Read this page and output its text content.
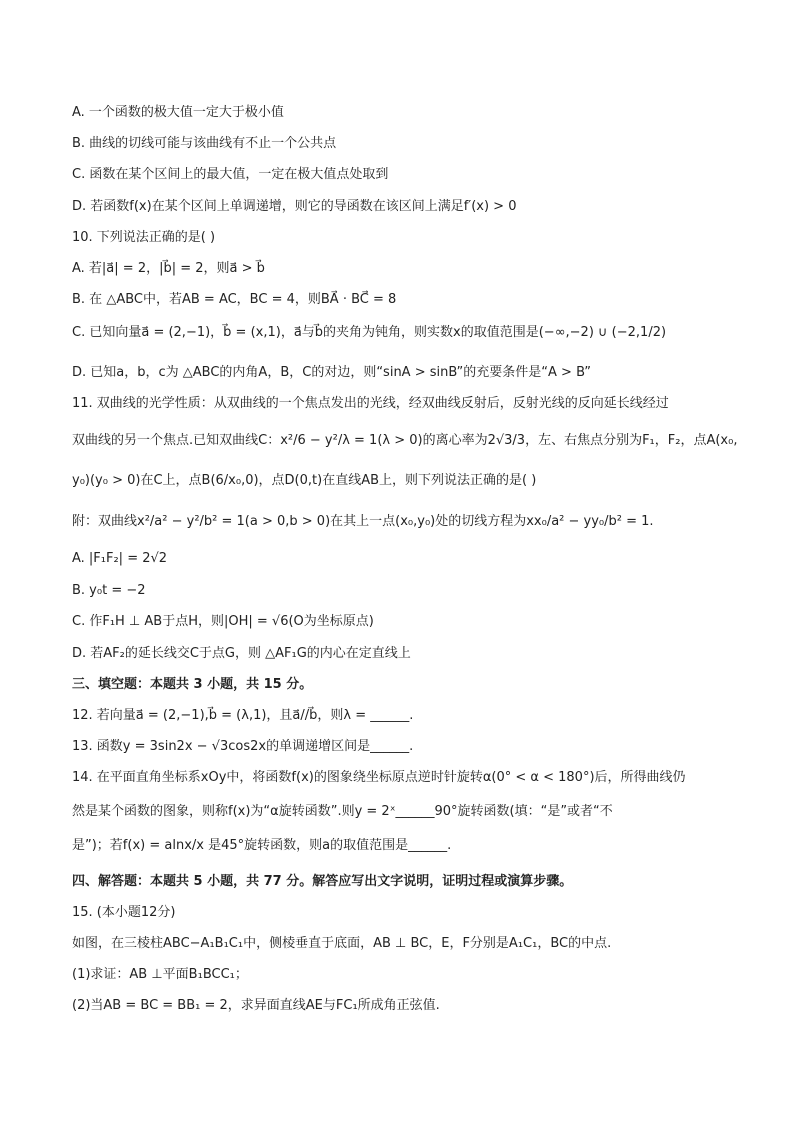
A. 一个函数的极大值一定大于极小值
B. 曲线的切线可能与该曲线有不止一个公共点
C. 函数在某个区间上的最大值，一定在极大值点处取到
D. 若函数f(x)在某个区间上单调递增，则它的导函数在该区间上满足f′(x) > 0
10. 下列说法正确的是( )
A. 若|a⃗| = 2，|b⃗| = 2，则a⃗ > b⃗
B. 在 △ABC中，若AB = AC，BC = 4，则BA⃗ · BC⃗ = 8
C. 已知向量a⃗ = (2,−1)，b⃗ = (x,1)，a⃗与b⃗的夹角为钝角，则实数x的取值范围是(−∞,−2) ∪ (−2,1/2)
D. 已知a，b，c为 △ABC的内角A，B，C的对边，则“sinA > sinB”的充要条件是“A > B”
11. 双曲线的光学性质：从双曲线的一个焦点发出的光线，经双曲线反射后，反射光线的反向延长线经过
双曲线的另一个焦点.已知双曲线C：x²/6 − y²/λ = 1(λ > 0)的离心率为2√3/3，左、右焦点分别为F₁，F₂，点A(x₀,
y₀)(y₀ > 0)在C上，点B(6/x₀,0)，点D(0,t)在直线AB上，则下列说法正确的是( )
附：双曲线x²/a² − y²/b² = 1(a > 0,b > 0)在其上一点(x₀,y₀)处的切线方程为xx₀/a² − yy₀/b² = 1.
A. |F₁F₂| = 2√2
B. y₀t = −2
C. 作F₁H ⊥ AB于点H，则|OH| = √6(O为坐标原点)
D. 若AF₂的延长线交C于点G，则 △AF₁G的内心在定直线上
三、填空题：本题共 3 小题，共 15 分。
12. 若向量a⃗ = (2,−1),b⃗ = (λ,1)，且a⃗//b⃗，则λ = ______.
13. 函数y = 3sin2x − √3cos2x的单调递增区间是______.
14. 在平面直角坐标系xOy中，将函数f(x)的图象绕坐标原点逆时针旋转α(0° < α < 180°)后，所得曲线仍
然是某个函数的图象，则称f(x)为“α旋转函数”.则y = 2ˣ______90°旋转函数(填：“是”或者“不
是”)；若f(x) = alnx/x 是45°旋转函数，则a的取值范围是______.
四、解答题：本题共 5 小题，共 77 分。解答应写出文字说明，证明过程或演算步骤。
15. (本小题12分)
如图，在三棱柱ABC−A₁B₁C₁中，侧棱垂直于底面，AB ⊥ BC，E，F分别是A₁C₁，BC的中点.
(1)求证：AB ⊥平面B₁BCC₁；
(2)当AB = BC = BB₁ = 2，求异面直线AE与FC₁所成角正弦值.
